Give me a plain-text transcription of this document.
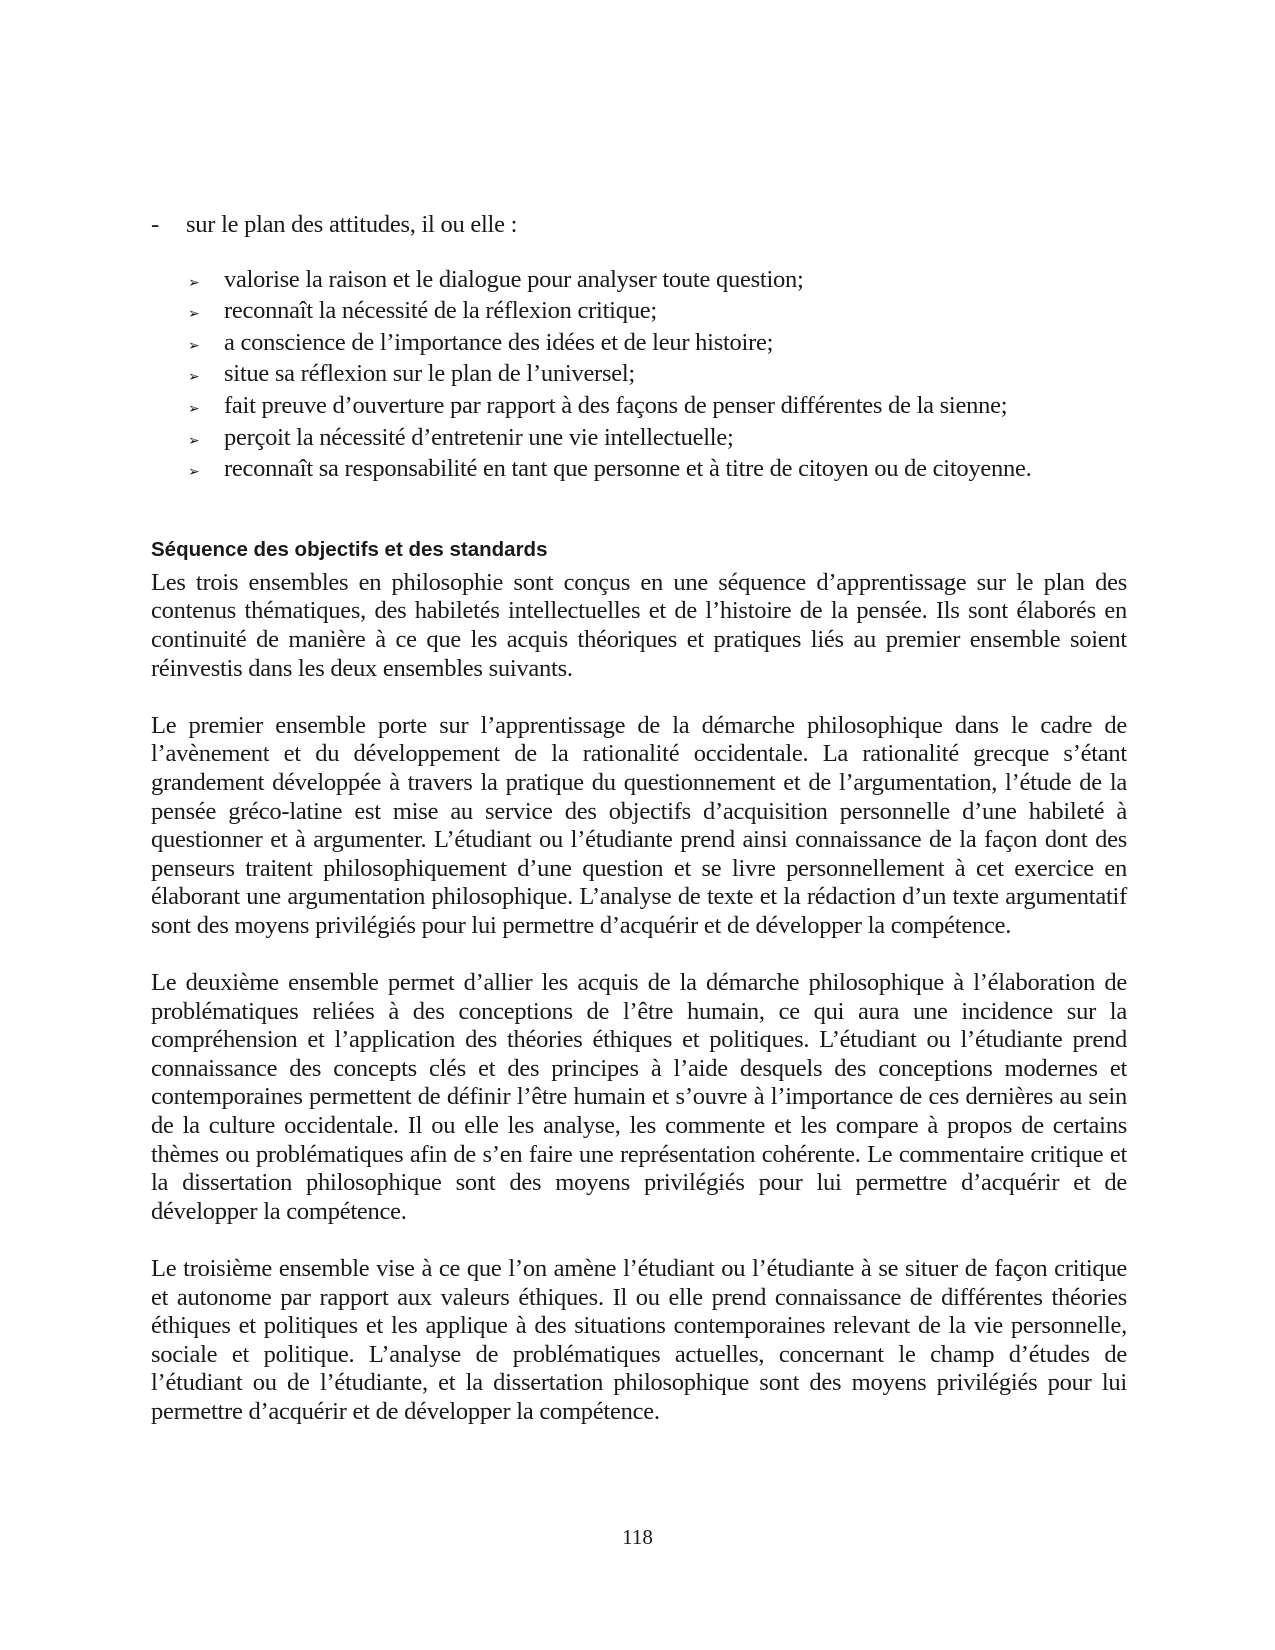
-	sur le plan des attitudes, il ou elle :

➢	valorise la raison et le dialogue pour analyser toute question;
➢	reconnaît la nécessité de la réflexion critique;
➢	a conscience de l’importance des idées et de leur histoire;
➢	situe sa réflexion sur le plan de l’universel;
➢	fait preuve d’ouverture par rapport à des façons de penser différentes de la sienne;
➢	perçoit la nécessité d’entretenir une vie intellectuelle;
➢	reconnaît sa responsabilité en tant que personne et à titre de citoyen ou de citoyenne.
Séquence des objectifs et des standards

Les trois ensembles en philosophie sont conçus en une séquence d’apprentissage sur le plan des contenus thématiques, des habiletés intellectuelles et de l’histoire de la pensée. Ils sont élaborés en continuité de manière à ce que les acquis théoriques et pratiques liés au premier ensemble soient réinvestis dans les deux ensembles suivants.

Le premier ensemble porte sur l’apprentissage de la démarche philosophique dans le cadre de l’avènement et du développement de la rationalité occidentale. La rationalité grecque s’étant grandement développée à travers la pratique du questionnement et de l’argumentation, l’étude de la pensée gréco-latine est mise au service des objectifs d’acquisition personnelle d’une habileté à questionner et à argumenter. L’étudiant ou l’étudiante prend ainsi connaissance de la façon dont des penseurs traitent philosophiquement d’une question et se livre personnellement à cet exercice en élaborant une argumentation philosophique. L’analyse de texte et la rédaction d’un texte argumentatif sont des moyens privilégiés pour lui permettre d’acquérir et de développer la compétence.

Le deuxième ensemble permet d’allier les acquis de la démarche philosophique à l’élaboration de problématiques reliées à des conceptions de l’être humain, ce qui aura une incidence sur la compréhension et l’application des théories éthiques et politiques. L’étudiant ou l’étudiante prend connaissance des concepts clés et des principes à l’aide desquels des conceptions modernes et contemporaines permettent de définir l’être humain et s’ouvre à l’importance de ces dernières au sein de la culture occidentale. Il ou elle les analyse, les commente et les compare à propos de certains thèmes ou problématiques afin de s’en faire une représentation cohérente. Le commentaire critique et la dissertation philosophique sont des moyens privilégiés pour lui permettre d’acquérir et de développer la compétence.

Le troisième ensemble vise à ce que l’on amène l’étudiant ou l’étudiante à se situer de façon critique et autonome par rapport aux valeurs éthiques. Il ou elle prend connaissance de différentes théories éthiques et politiques et les applique à des situations contemporaines relevant de la vie personnelle, sociale et politique. L’analyse de problématiques actuelles, concernant le champ d’études de l’étudiant ou de l’étudiante, et la dissertation philosophique sont des moyens privilégiés pour lui permettre d’acquérir et de développer la compétence.

118
